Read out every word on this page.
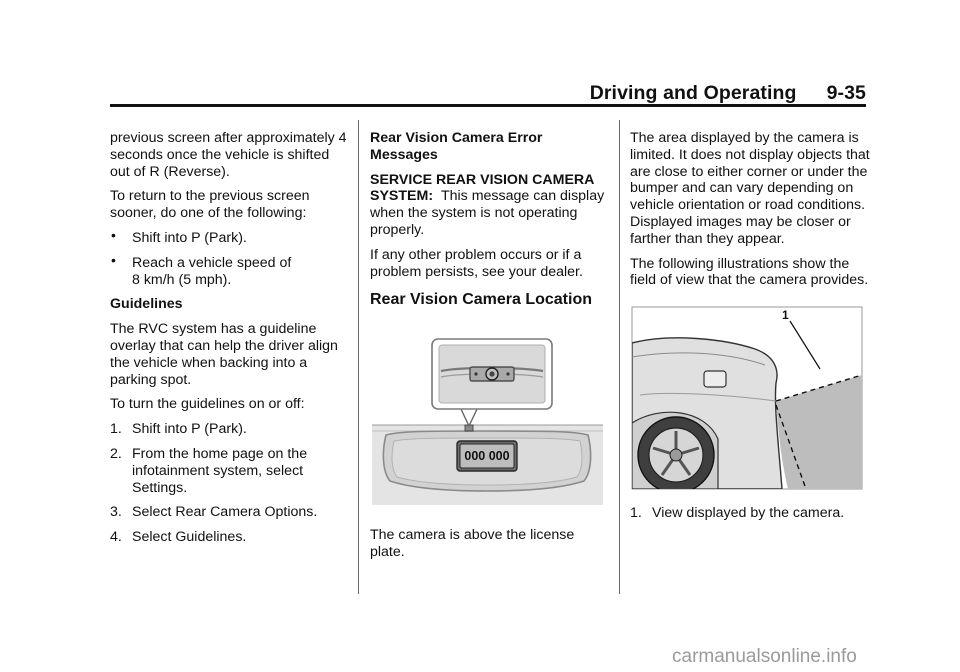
Driving and Operating 9-35

previous screen after approximately 4 seconds once the vehicle is shifted out of R (Reverse).

To return to the previous screen sooner, do one of the following:

• Shift into P (Park).
• Reach a vehicle speed of
8 km/h (5 mph).

Guidelines

The RVC system has a guideline overlay that can help the driver align the vehicle when backing into a parking spot.

To turn the guidelines on or off:

1. Shift into P (Park).
2. From the home page on the infotainment system, select Settings.
3. Select Rear Camera Options.
4. Select Guidelines.

Rear Vision Camera Error Messages

SERVICE REAR VISION CAMERA SYSTEM: This message can display when the system is not operating properly.

If any other problem occurs or if a problem persists, see your dealer.

Rear Vision Camera Location

000 000

The camera is above the license plate.

The area displayed by the camera is limited. It does not display objects that are close to either corner or under the bumper and can vary depending on vehicle orientation or road conditions. Displayed images may be closer or farther than they appear.

The following illustrations show the field of view that the camera provides.

1
1. View displayed by the camera.
carmanualsonline.info
